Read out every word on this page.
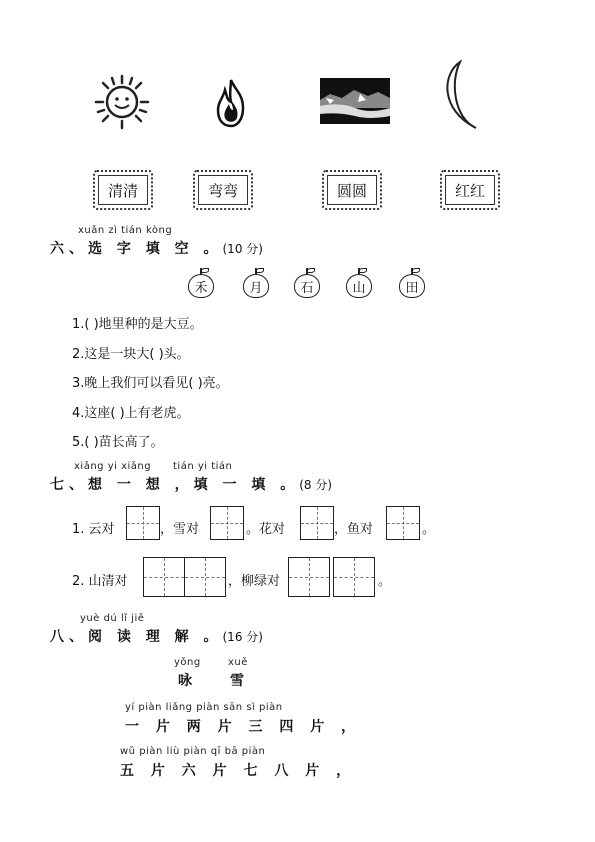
清清	弯弯	圆圆	红红
xuǎn zì tián kòng
六、选 字 填 空 。(10 分)
禾	月	石	山	田
1.( )地里种的是大豆。
2.这是一块大( )头。
3.晚上我们可以看见( )亮。
4.这座( )上有老虎。
5.( )苗长高了。
xiǎng yi xiǎng tián yi tián
七、想 一 想 ，填 一 填 。(8 分)
1. 云对	，雪对	。花对	，鱼对	。
2. 山清对	，柳绿对	。
yuè dú lǐ jiě
八、阅 读 理 解 。(16 分)
yǒng	xuě
咏 雪
yí piàn liǎng piàn sān sì piàn
一 片 两 片 三 四 片 ，
wǔ piàn liù piàn qī bā piàn
五 片 六 片 七 八 片 ，
